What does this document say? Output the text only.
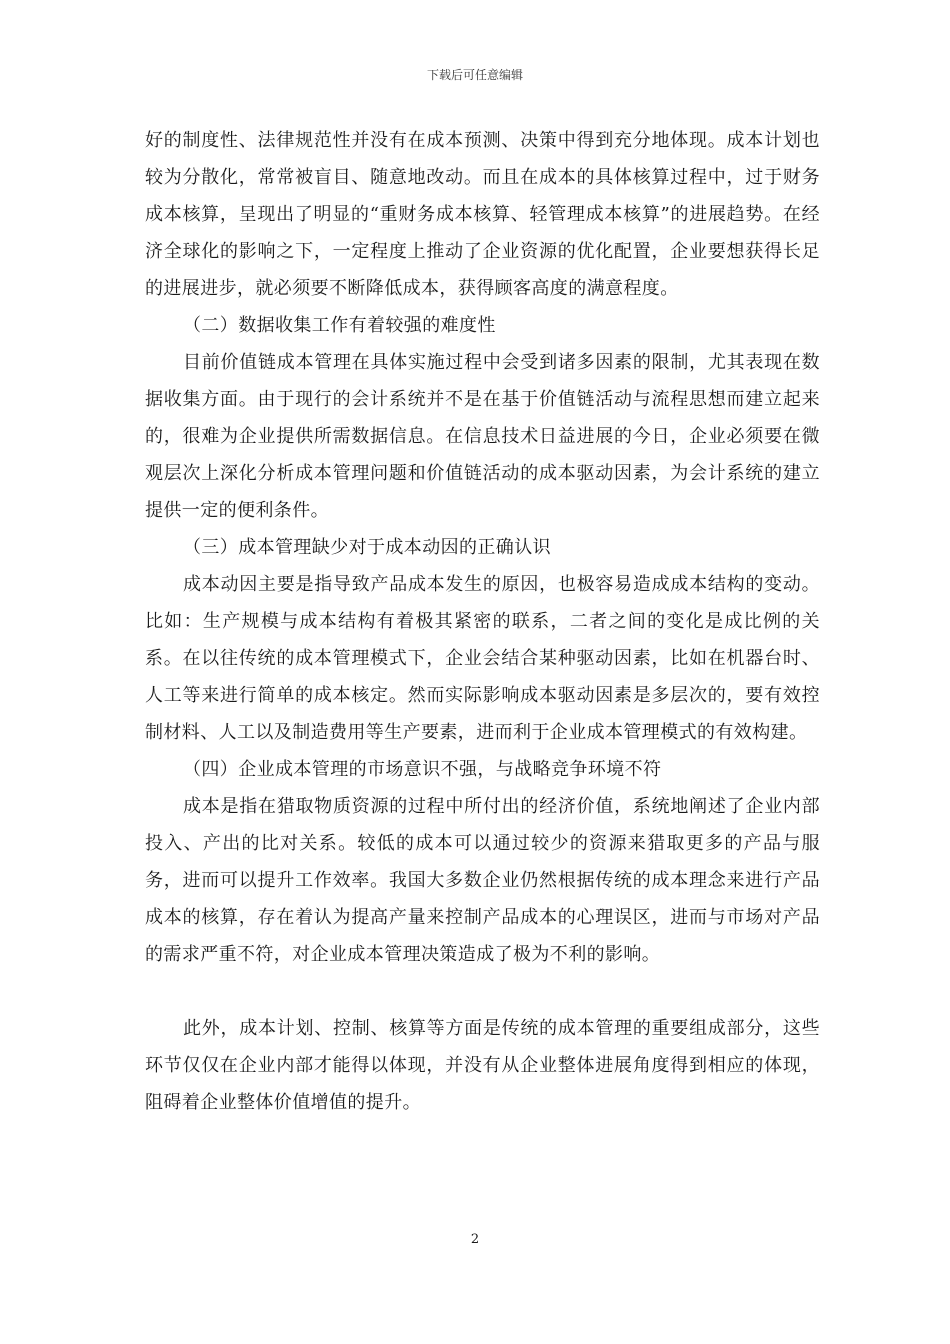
下载后可任意编辑

好的制度性、法律规范性并没有在成本预测、决策中得到充分地体现。成本计划也较为分散化，常常被盲目、随意地改动。而且在成本的具体核算过程中，过于财务成本核算，呈现出了明显的“重财务成本核算、轻管理成本核算”的进展趋势。在经济全球化的影响之下，一定程度上推动了企业资源的优化配置，企业要想获得长足的进展进步，就必须要不断降低成本，获得顾客高度的满意程度。

（二）数据收集工作有着较强的难度性

目前价值链成本管理在具体实施过程中会受到诸多因素的限制，尤其表现在数据收集方面。由于现行的会计系统并不是在基于价值链活动与流程思想而建立起来的，很难为企业提供所需数据信息。在信息技术日益进展的今日，企业必须要在微观层次上深化分析成本管理问题和价值链活动的成本驱动因素，为会计系统的建立提供一定的便利条件。

（三）成本管理缺少对于成本动因的正确认识

成本动因主要是指导致产品成本发生的原因，也极容易造成成本结构的变动。比如：生产规模与成本结构有着极其紧密的联系，二者之间的变化是成比例的关系。在以往传统的成本管理模式下，企业会结合某种驱动因素，比如在机器台时、人工等来进行简单的成本核定。然而实际影响成本驱动因素是多层次的，要有效控制材料、人工以及制造费用等生产要素，进而利于企业成本管理模式的有效构建。

（四）企业成本管理的市场意识不强，与战略竞争环境不符

成本是指在猎取物质资源的过程中所付出的经济价值，系统地阐述了企业内部投入、产出的比对关系。较低的成本可以通过较少的资源来猎取更多的产品与服务，进而可以提升工作效率。我国大多数企业仍然根据传统的成本理念来进行产品成本的核算，存在着认为提高产量来控制产品成本的心理误区，进而与市场对产品的需求严重不符，对企业成本管理决策造成了极为不利的影响。

此外，成本计划、控制、核算等方面是传统的成本管理的重要组成部分，这些环节仅仅在企业内部才能得以体现，并没有从企业整体进展角度得到相应的体现，阻碍着企业整体价值增值的提升。

2
